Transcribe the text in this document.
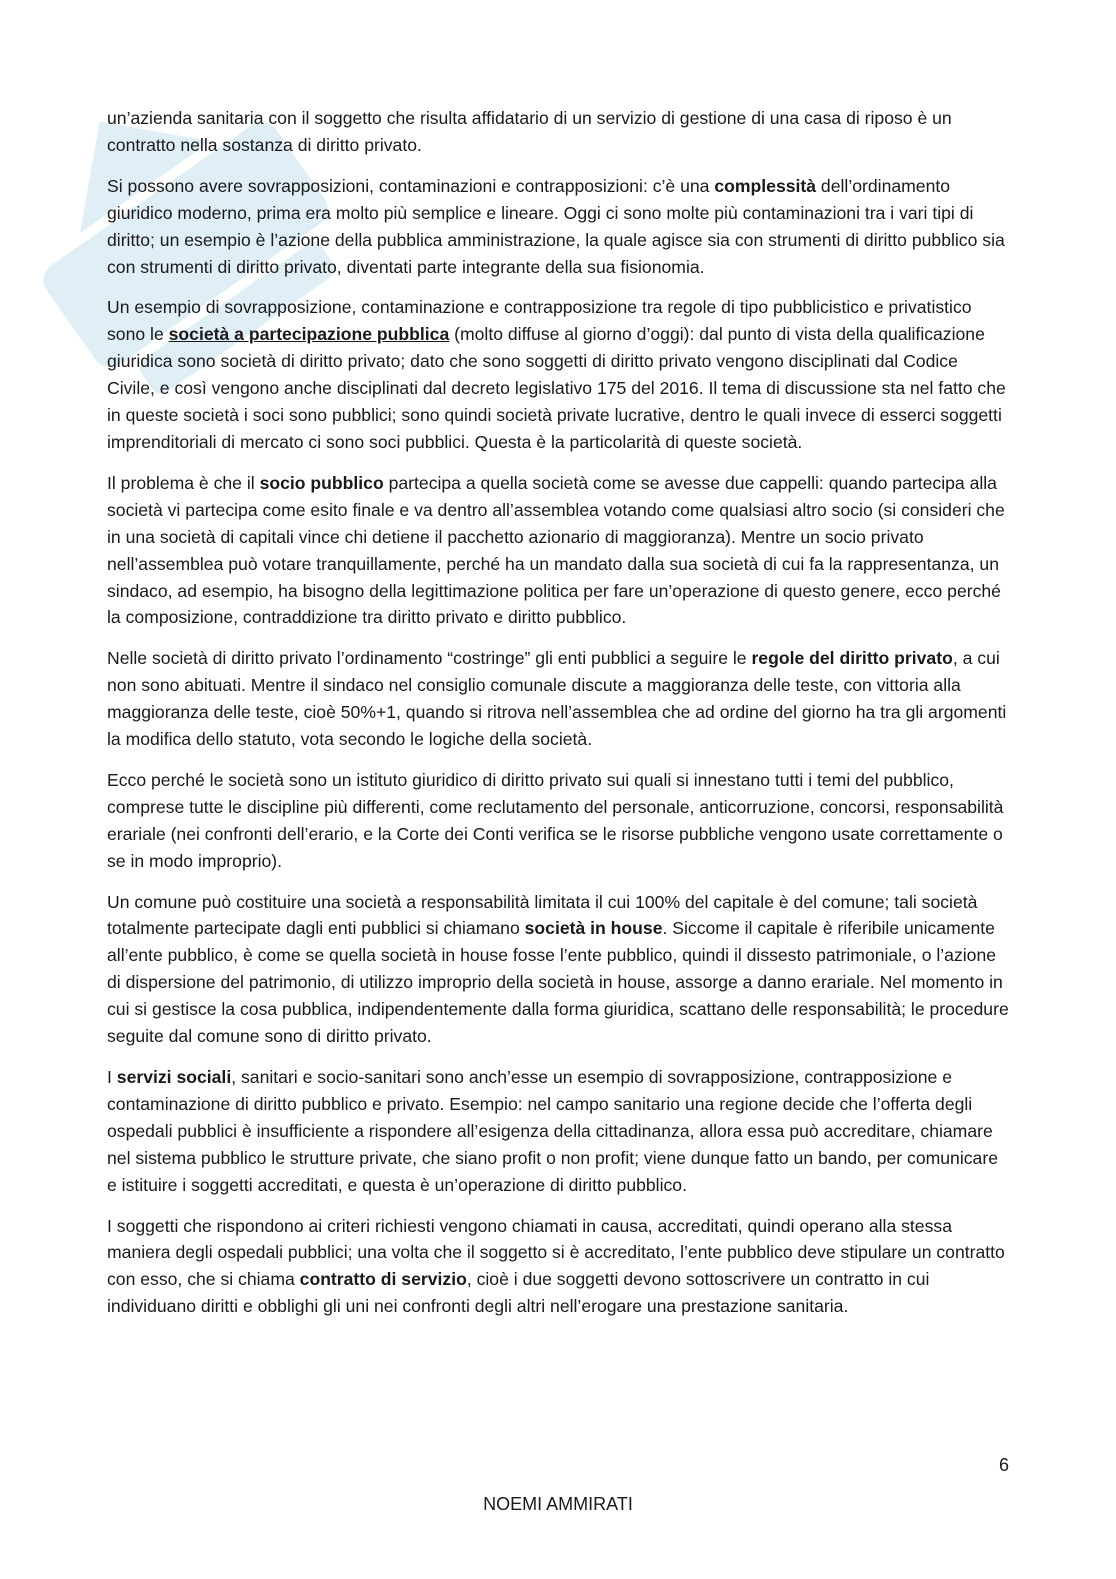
un’azienda sanitaria con il soggetto che risulta affidatario di un servizio di gestione di una casa di riposo è un contratto nella sostanza di diritto privato.

Si possono avere sovrapposizioni, contaminazioni e contrapposizioni: c’è una complessità dell’ordinamento giuridico moderno, prima era molto più semplice e lineare. Oggi ci sono molte più contaminazioni tra i vari tipi di diritto; un esempio è l’azione della pubblica amministrazione, la quale agisce sia con strumenti di diritto pubblico sia con strumenti di diritto privato, diventati parte integrante della sua fisionomia.

Un esempio di sovrapposizione, contaminazione e contrapposizione tra regole di tipo pubblicistico e privatistico sono le società a partecipazione pubblica (molto diffuse al giorno d’oggi): dal punto di vista della qualificazione giuridica sono società di diritto privato; dato che sono soggetti di diritto privato vengono disciplinati dal Codice Civile, e così vengono anche disciplinati dal decreto legislativo 175 del 2016. Il tema di discussione sta nel fatto che in queste società i soci sono pubblici; sono quindi società private lucrative, dentro le quali invece di esserci soggetti imprenditoriali di mercato ci sono soci pubblici. Questa è la particolarità di queste società.

Il problema è che il socio pubblico partecipa a quella società come se avesse due cappelli: quando partecipa alla società vi partecipa come esito finale e va dentro all’assemblea votando come qualsiasi altro socio (si consideri che in una società di capitali vince chi detiene il pacchetto azionario di maggioranza). Mentre un socio privato nell’assemblea può votare tranquillamente, perché ha un mandato dalla sua società di cui fa la rappresentanza, un sindaco, ad esempio, ha bisogno della legittimazione politica per fare un’operazione di questo genere, ecco perché la composizione, contraddizione tra diritto privato e diritto pubblico.

Nelle società di diritto privato l’ordinamento “costringe” gli enti pubblici a seguire le regole del diritto privato, a cui non sono abituati. Mentre il sindaco nel consiglio comunale discute a maggioranza delle teste, con vittoria alla maggioranza delle teste, cioè 50%+1, quando si ritrova nell’assemblea che ad ordine del giorno ha tra gli argomenti la modifica dello statuto, vota secondo le logiche della società.

Ecco perché le società sono un istituto giuridico di diritto privato sui quali si innestano tutti i temi del pubblico, comprese tutte le discipline più differenti, come reclutamento del personale, anticorruzione, concorsi, responsabilità erariale (nei confronti dell’erario, e la Corte dei Conti verifica se le risorse pubbliche vengono usate correttamente o se in modo improprio).

Un comune può costituire una società a responsabilità limitata il cui 100% del capitale è del comune; tali società totalmente partecipate dagli enti pubblici si chiamano società in house. Siccome il capitale è riferibile unicamente all’ente pubblico, è come se quella società in house fosse l’ente pubblico, quindi il dissesto patrimoniale, o l’azione di dispersione del patrimonio, di utilizzo improprio della società in house, assorge a danno erariale. Nel momento in cui si gestisce la cosa pubblica, indipendentemente dalla forma giuridica, scattano delle responsabilità; le procedure seguite dal comune sono di diritto privato.

I servizi sociali, sanitari e socio-sanitari sono anch’esse un esempio di sovrapposizione, contrapposizione e contaminazione di diritto pubblico e privato. Esempio: nel campo sanitario una regione decide che l’offerta degli ospedali pubblici è insufficiente a rispondere all’esigenza della cittadinanza, allora essa può accreditare, chiamare nel sistema pubblico le strutture private, che siano profit o non profit; viene dunque fatto un bando, per comunicare e istituire i soggetti accreditati, e questa è un’operazione di diritto pubblico.

I soggetti che rispondono ai criteri richiesti vengono chiamati in causa, accreditati, quindi operano alla stessa maniera degli ospedali pubblici; una volta che il soggetto si è accreditato, l’ente pubblico deve stipulare un contratto con esso, che si chiama contratto di servizio, cioè i due soggetti devono sottoscrivere un contratto in cui individuano diritti e obblighi gli uni nei confronti degli altri nell’erogare una prestazione sanitaria.

6
NOEMI AMMIRATI
